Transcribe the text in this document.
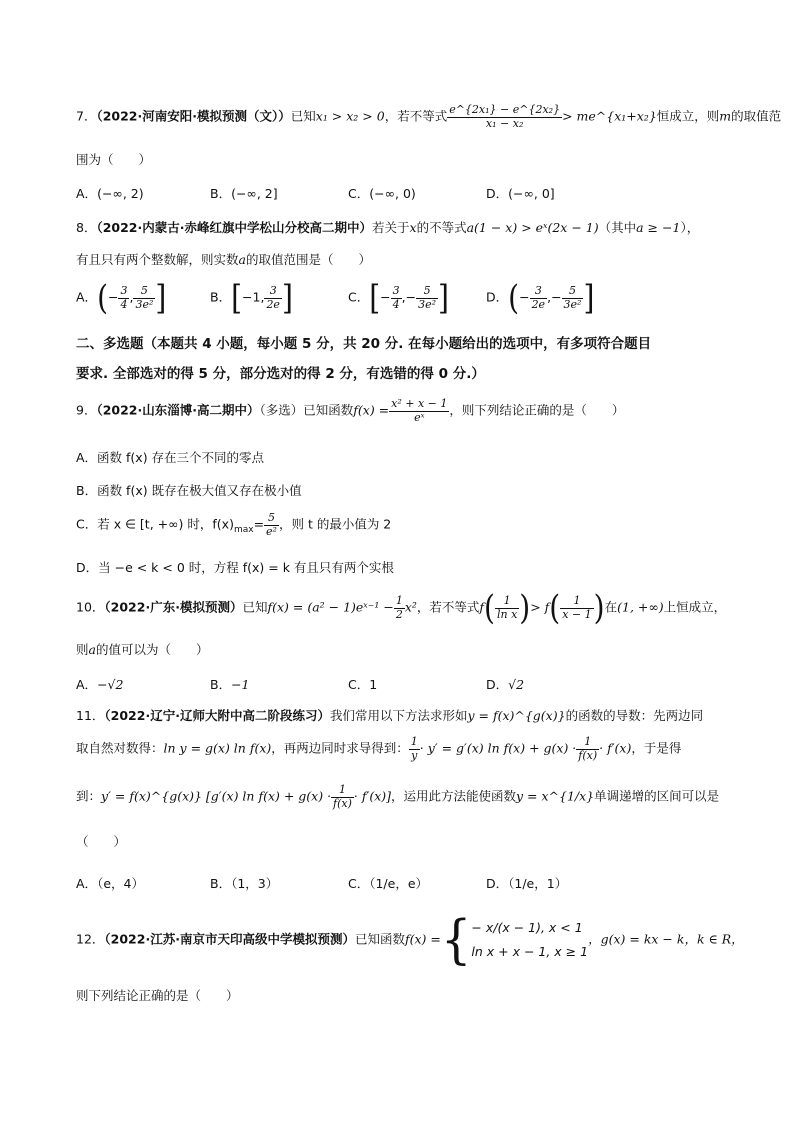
7．（2022·河南安阳·模拟预测（文））已知x₁ > x₂ > 0，若不等式 $\frac{\text{e\textasciicircum{}\{2x₁\} − e\textasciicircum{}\{2x₂\}}}{\text{x₁ − x₂}}$ > me^{x₁+x₂}恒成立，则m的取值范
围为（　　）
A．(−∞, 2)	B．(−∞, 2]	C．(−∞, 0)	D．(−∞, 0]
8．（2022·内蒙古·赤峰红旗中学松山分校高二期中）若关于x的不等式a(1 − x) > eˣ(2x − 1)（其中a ≥ −1），
有且只有两个整数解，则实数a的取值范围是（　　）
A．(− $\frac{3}{4}$ , $\frac{5}{\text{3e²}}$ ]	B．[−1, $\frac{3}{2e}$ ]	C．[− $\frac{3}{4}$ ,− $\frac{5}{\text{3e²}}$ ]	D．(− $\frac{3}{2e}$ ,− $\frac{5}{\text{3e²}}$ ]
二、多选题（本题共 4 小题，每小题 5 分，共 20 分. 在每小题给出的选项中，有多项符合题目
要求. 全部选对的得 5 分，部分选对的得 2 分，有选错的得 0 分.）
9．（2022·山东淄博·高二期中）（多选）已知函数$f(x) = \frac{\text{x² + x − 1}}{\text{eˣ}}$ ，则下列结论正确的是（　　）
A．函数 f(x) 存在三个不同的零点
B．函数 f(x) 既存在极大值又存在极小值
C．若 x ∈ [t, +∞) 时，$f(x)_{max}= \frac{5}{\text{e²}}$ ，则 t 的最小值为 2
D．当 −e < k < 0 时，方程 f(x) = k 有且只有两个实根
10．（2022·广东·模拟预测）已知f(x) = (a² − 1)eˣ⁻¹ − $\frac{1}{2} x^2$，若不等式$f( \frac{1}{\text{ln x}}$ )> $f( \frac{1}{x - 1}$ )在(1, +∞)上恒成立，
则a的值可以为（　　）
A．−√2	B．−1	C．1	D．√2
11．（2022·辽宁·辽师大附中高二阶段练习）我们常用以下方法求形如y = f(x)^{g(x)}的函数的导数：先两边同
取自然对数得：ln y = g(x) ln f(x)，再两边同时求导得到： $\frac{1}{y} \cdot y' = g'(x)$ $\ln f(x) + g(x) \cdot \frac{1}{f(x)} \cdot f'(x)$，于是得
到：y′ = f(x)^{g(x)} [g′(x) $\ln f(x) + g(x) \cdot \frac{1}{f(x)} \cdot f'(x)$]，运用此方法能使函数y = x^{1/x}单调递增的区间可以是
（　　）
A．（e，4）	B．（1，3）	C．（1/e，e）	D．（1/e，1）
12．（2022·江苏·南京市天印高级中学模拟预测）已知函数f(x) ={ − x/(x − 1), x < 1
ln x + x − 1, x ≥ 1
，g(x) = kx − k，k ∈ R，
则下列结论正确的是（　　）
